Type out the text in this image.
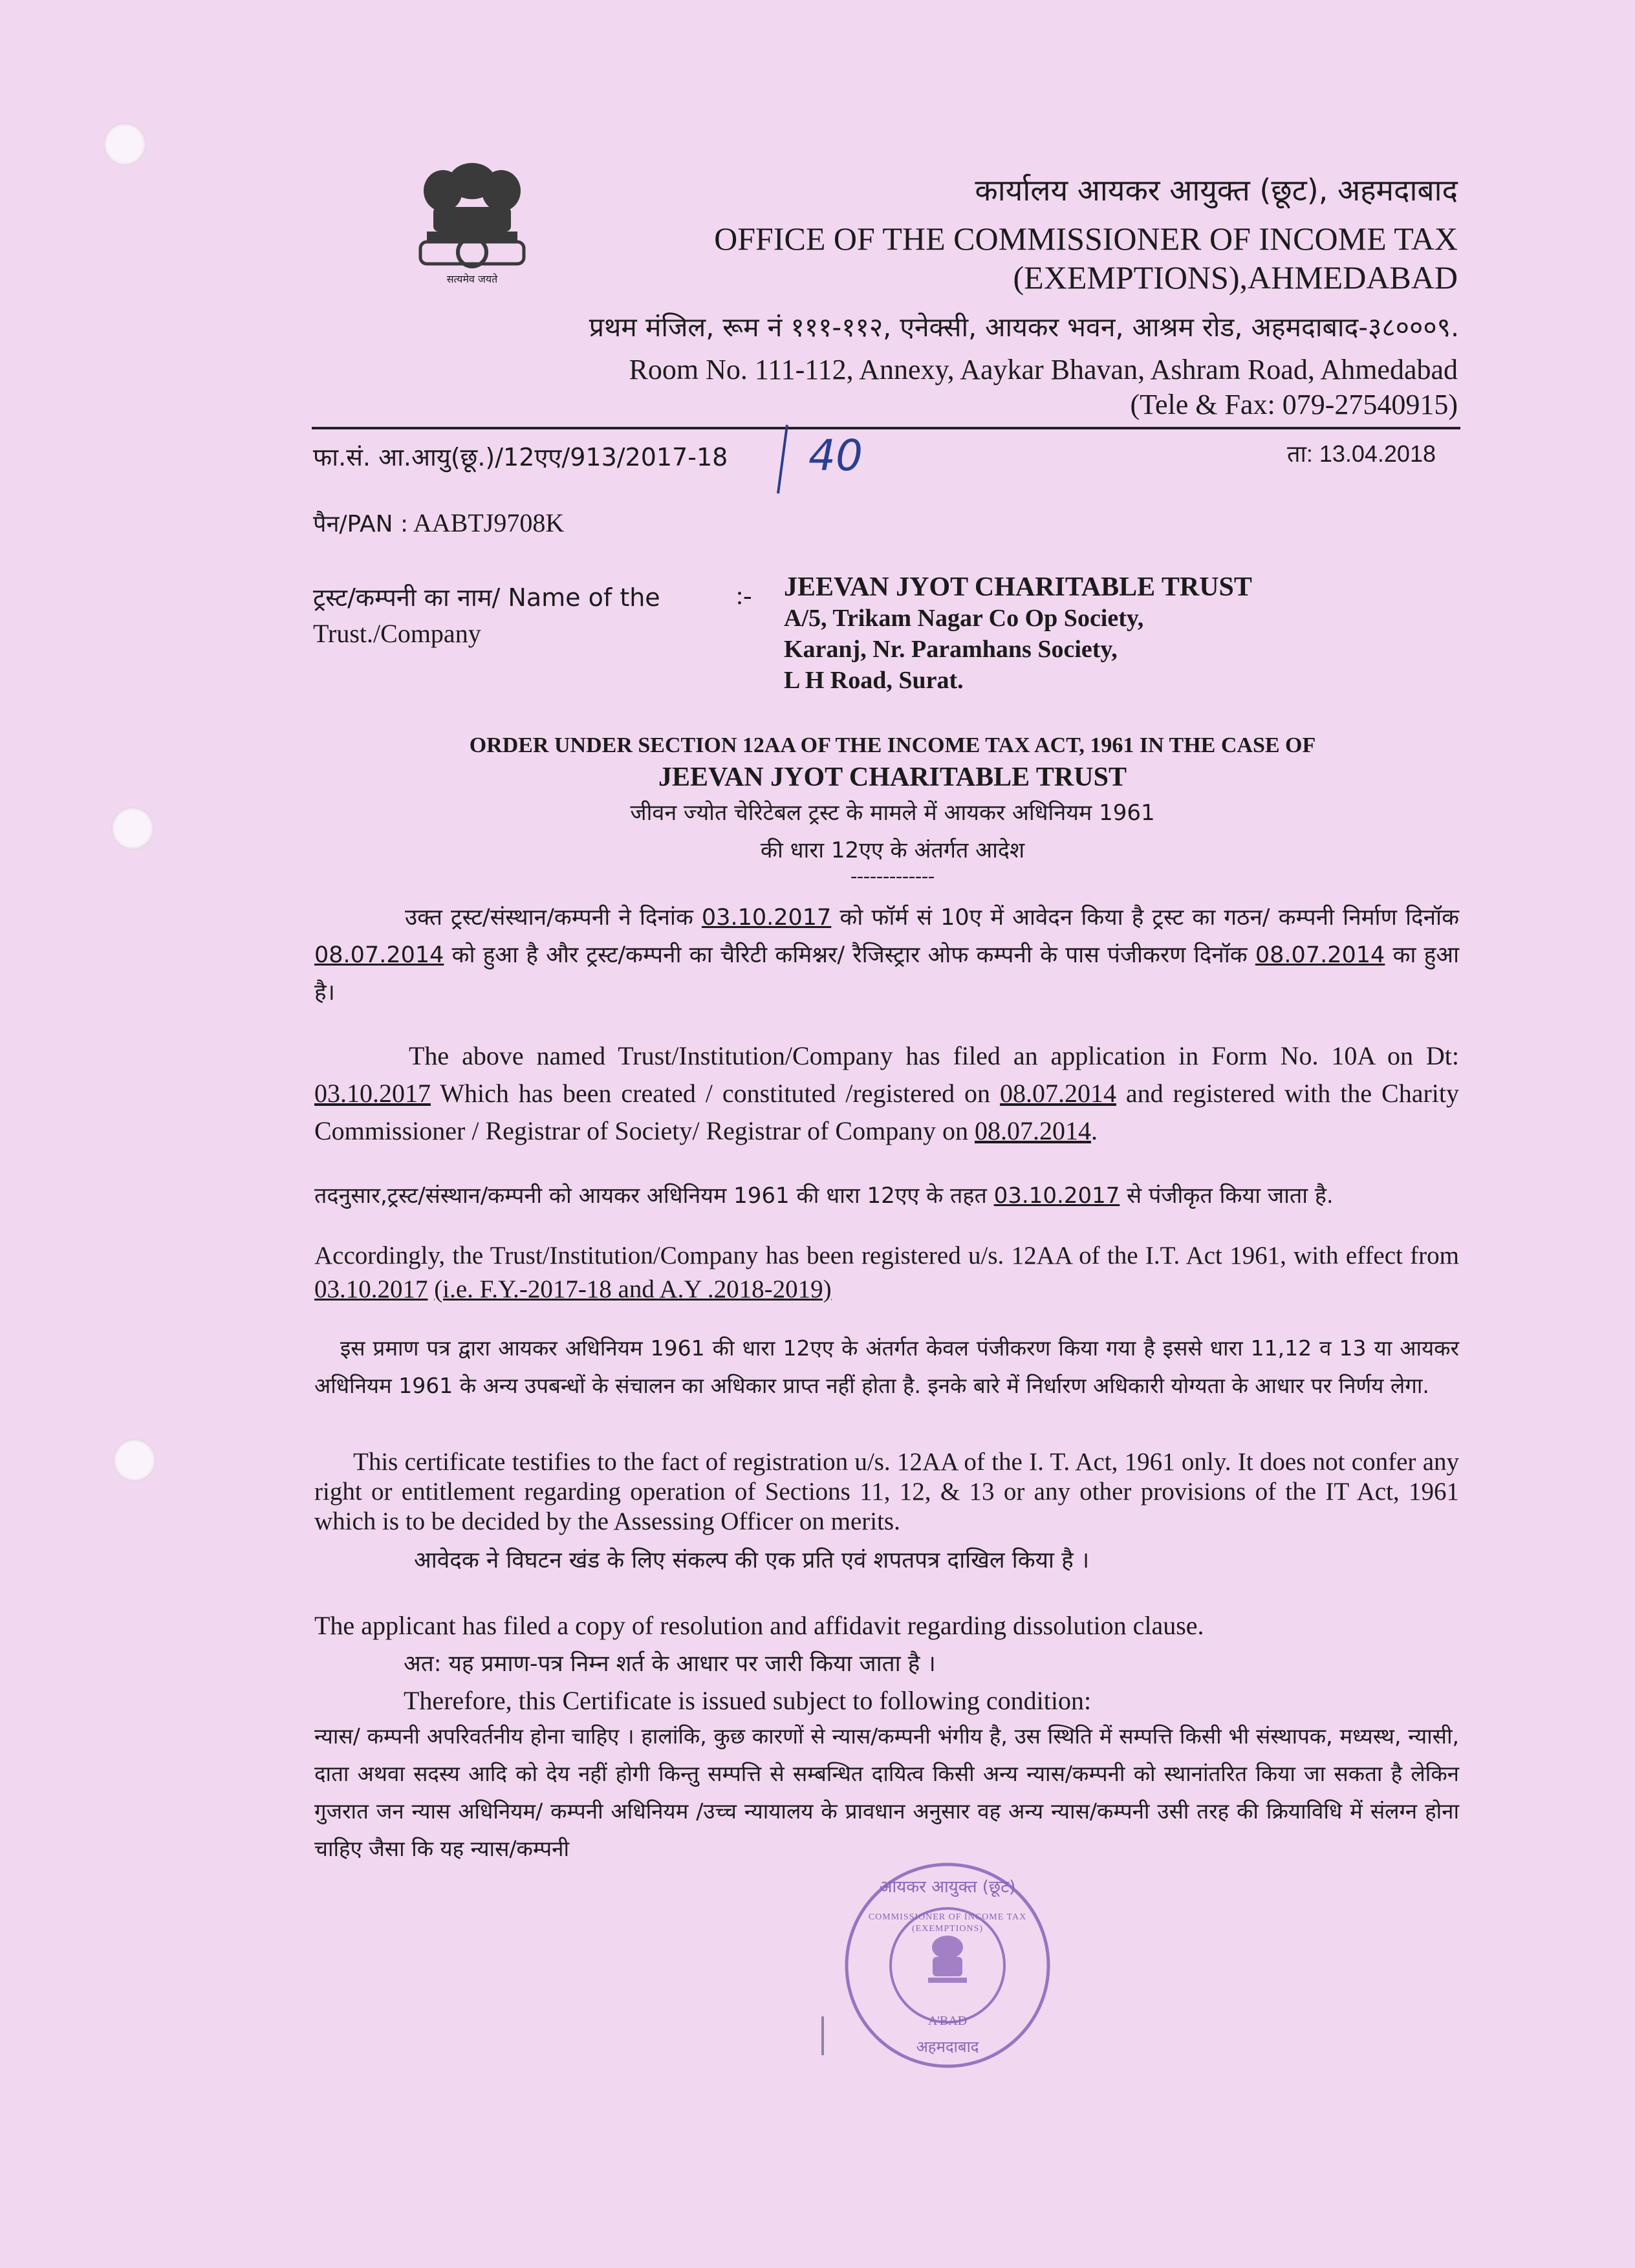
सत्यमेव जयते
कार्यालय आयकर आयुक्त (छूट), अहमदाबाद
OFFICE OF THE COMMISSIONER OF INCOME TAX
(EXEMPTIONS),AHMEDABAD
प्रथम मंजिल, रूम नं १११-११२, एनेक्सी, आयकर भवन, आश्रम रोड, अहमदाबाद-३८०००९.
Room No. 111-112, Annexy, Aaykar Bhavan, Ashram Road, Ahmedabad
(Tele & Fax: 079-27540915)
फा.सं. आ.आयु(छू.)/12एए/913/2017-18 40	ता: 13.04.2018
पैन/PAN : AABTJ9708K
ट्रस्ट/कम्पनी का नाम/ Name of the
Trust./Company
:- JEEVAN JYOT CHARITABLE TRUST
A/5, Trikam Nagar Co Op Society,
Karanj, Nr. Paramhans Society,
L H Road, Surat.
ORDER UNDER SECTION 12AA OF THE INCOME TAX ACT, 1961 IN THE CASE OF
JEEVAN JYOT CHARITABLE TRUST
जीवन ज्योत चेरिटेबल ट्रस्ट के मामले में आयकर अधिनियम 1961
की धारा 12एए के अंतर्गत आदेश
-------------
उक्त ट्रस्ट/संस्थान/कम्पनी ने दिनांक 03.10.2017 को फॉर्म सं 10ए में आवेदन किया है ट्रस्ट का गठन/ कम्पनी निर्माण दिनॉक 08.07.2014 को हुआ है और ट्रस्ट/कम्पनी का चैरिटी कमिश्नर/ रैजिस्ट्रार ओफ कम्पनी के पास पंजीकरण दिनॉक 08.07.2014 का हुआ है।
The above named Trust/Institution/Company has filed an application in Form No. 10A on Dt: 03.10.2017 Which has been created / constituted /registered on 08.07.2014 and registered with the Charity Commissioner / Registrar of Society/ Registrar of Company on 08.07.2014.
तदनुसार,ट्रस्ट/संस्थान/कम्पनी को आयकर अधिनियम 1961 की धारा 12एए के तहत 03.10.2017 से पंजीकृत किया जाता है.
Accordingly, the Trust/Institution/Company has been registered u/s. 12AA of the I.T. Act 1961, with effect from 03.10.2017 (i.e. F.Y.-2017-18 and A.Y .2018-2019)
इस प्रमाण पत्र द्वारा आयकर अधिनियम 1961 की धारा 12एए के अंतर्गत केवल पंजीकरण किया गया है इससे धारा 11,12 व 13 या आयकर अधिनियम 1961 के अन्य उपबन्धों के संचालन का अधिकार प्राप्त नहीं होता है. इनके बारे में निर्धारण अधिकारी योग्यता के आधार पर निर्णय लेगा.
This certificate testifies to the fact of registration u/s. 12AA of the I. T. Act, 1961 only. It does not confer any right or entitlement regarding operation of Sections 11, 12, & 13 or any other provisions of the IT Act, 1961 which is to be decided by the Assessing Officer on merits.
आवेदक ने विघटन खंड के लिए संकल्प की एक प्रति एवं शपतपत्र दाखिल किया है ।
The applicant has filed a copy of resolution and affidavit regarding dissolution clause.
अत: यह प्रमाण-पत्र निम्न शर्त के आधार पर जारी किया जाता है ।
Therefore, this Certificate is issued subject to following condition:
न्यास/ कम्पनी अपरिवर्तनीय होना चाहिए । हालांकि, कुछ कारणों से न्यास/कम्पनी भंगीय है, उस स्थिति में सम्पत्ति किसी भी संस्थापक, मध्यस्थ, न्यासी, दाता अथवा सदस्य आदि को देय नहीं होगी किन्तु सम्पत्ति से सम्बन्धित दायित्व किसी अन्य न्यास/कम्पनी को स्थानांतरित किया जा सकता है लेकिन गुजरात जन न्यास अधिनियम/ कम्पनी अधिनियम /उच्च न्यायालय के प्रावधान अनुसार वह अन्य न्यास/कम्पनी उसी तरह की क्रियाविधि में संलग्न होना चाहिए जैसा कि यह न्यास/कम्पनी
आयकर आयुक्त (छूट)
COMMISSIONER OF INCOME TAX (EXEMPTIONS)
A'BAD
अहमदाबाद
